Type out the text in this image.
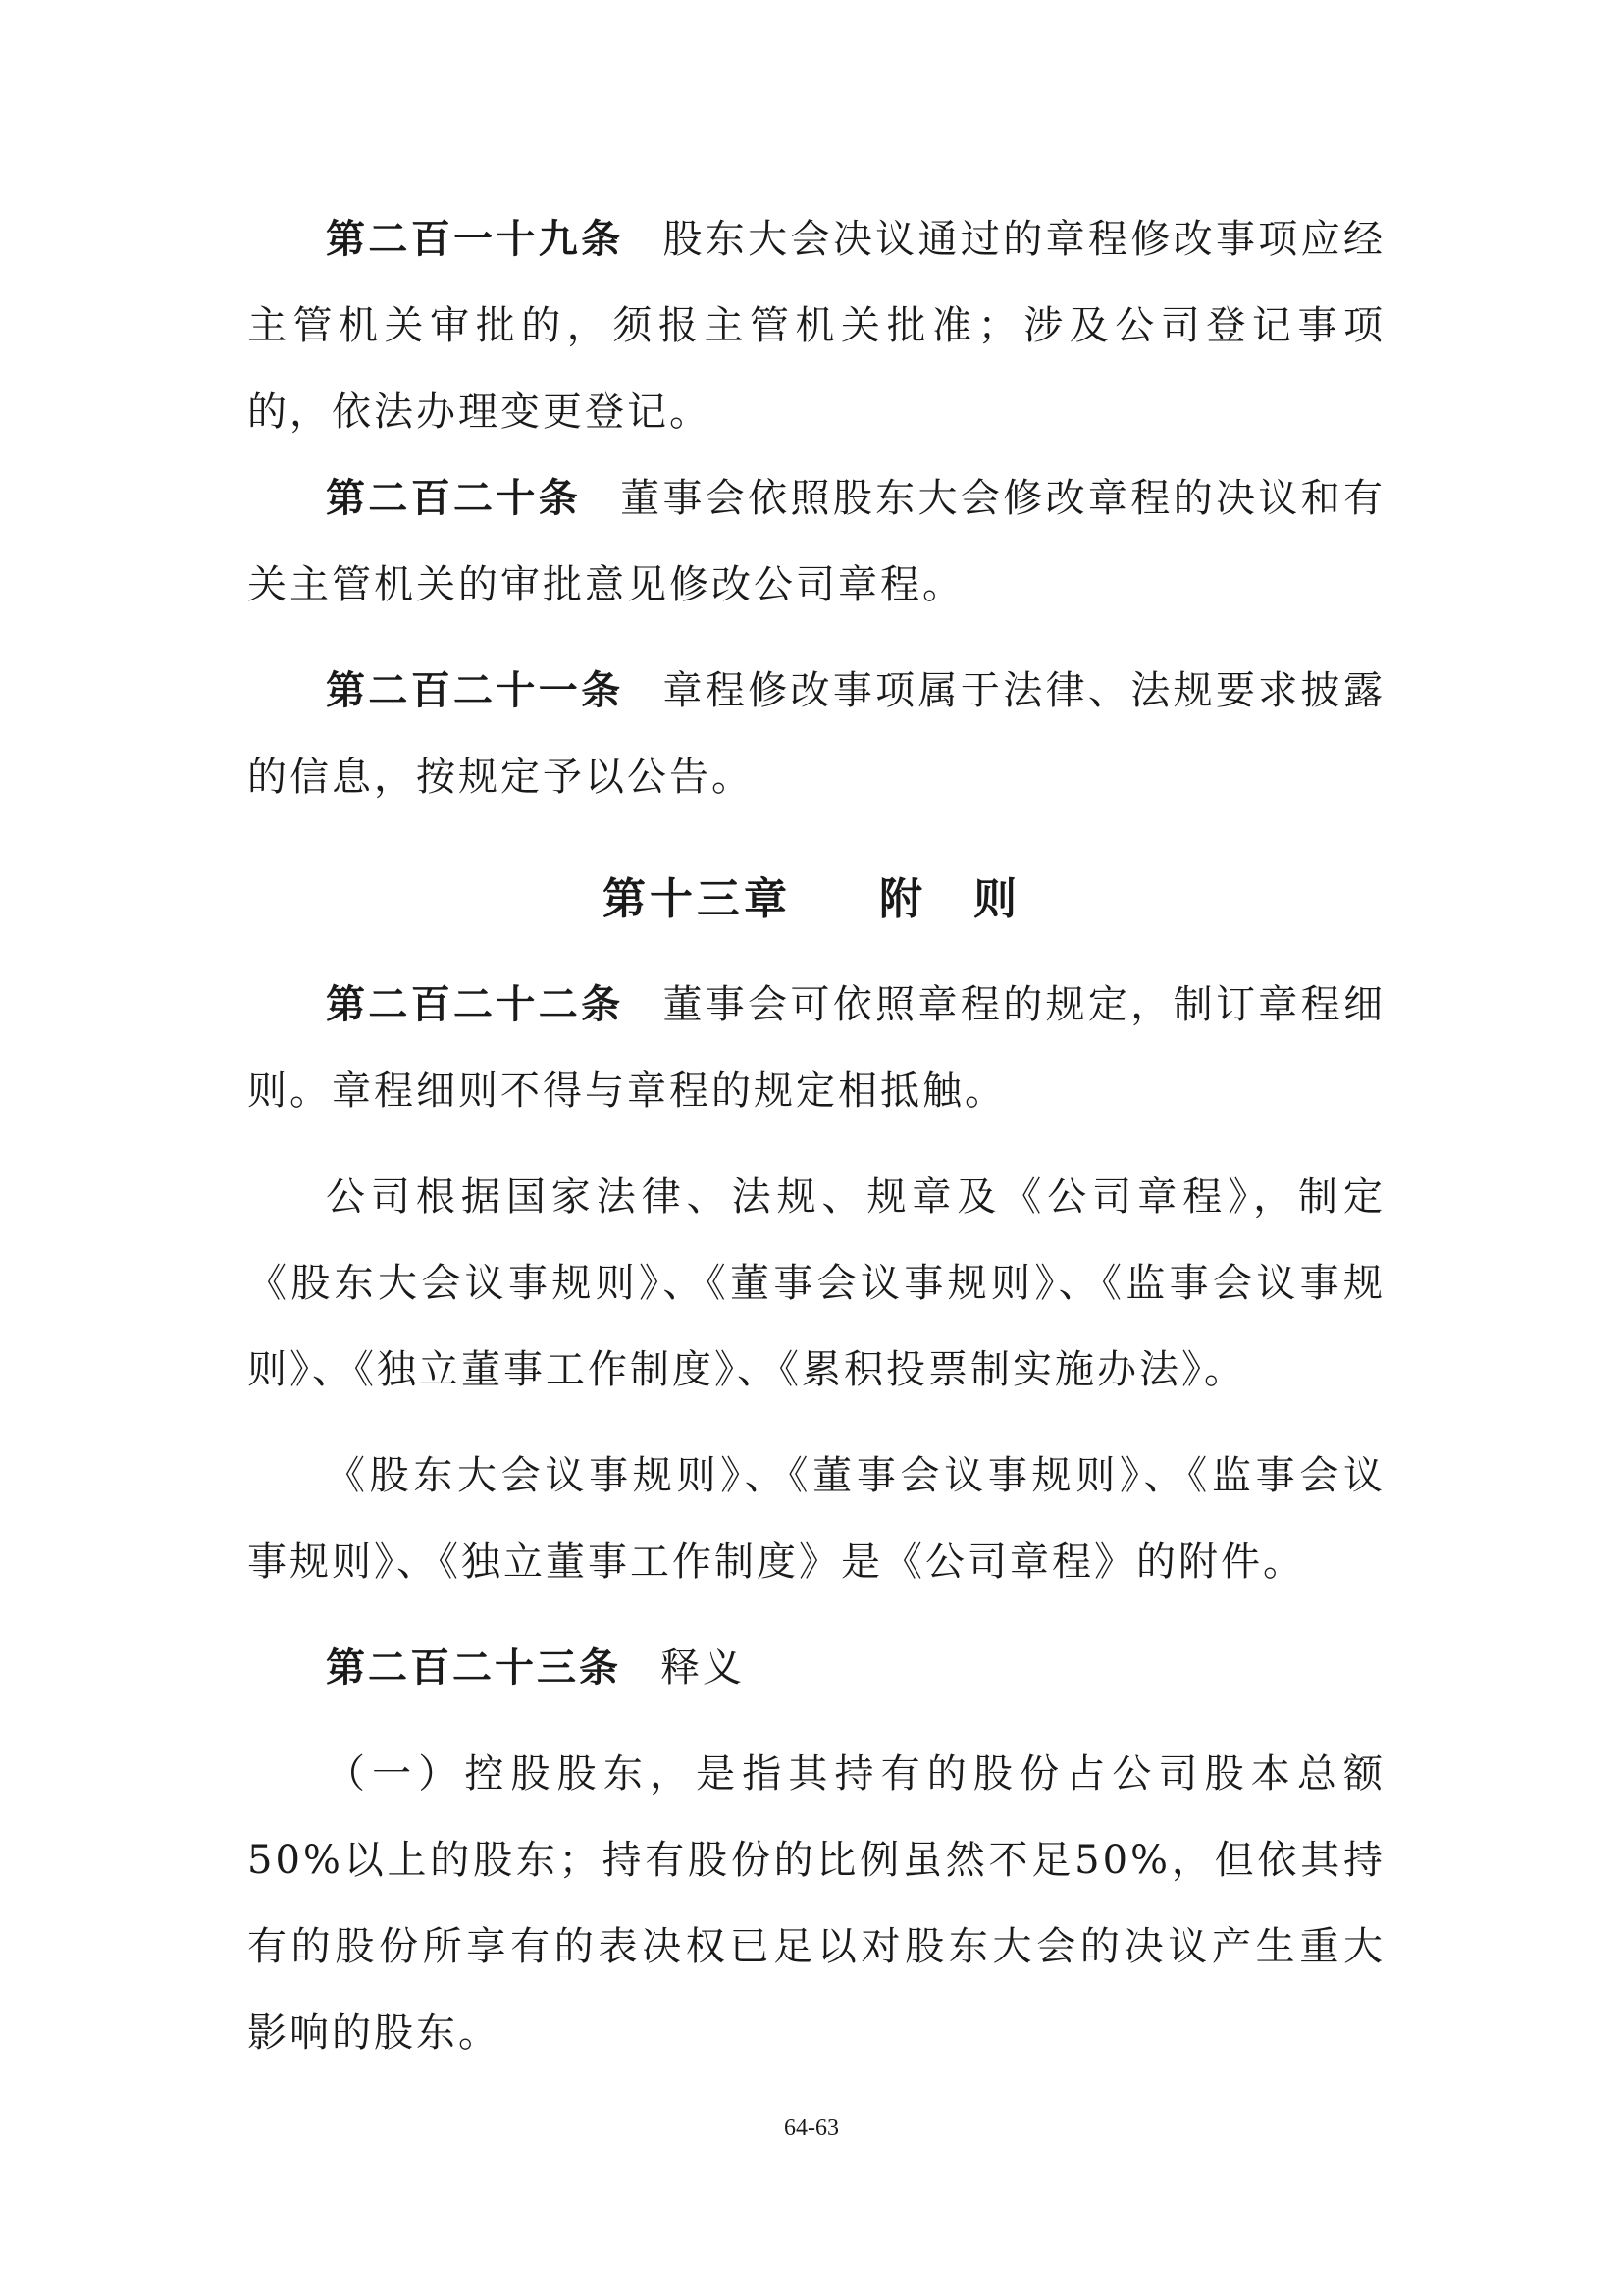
第二百一十九条 股东大会决议通过的章程修改事项应经主管机关审批的，须报主管机关批准；涉及公司登记事项的，依法办理变更登记。

第二百二十条 董事会依照股东大会修改章程的决议和有关主管机关的审批意见修改公司章程。

第二百二十一条 章程修改事项属于法律、法规要求披露的信息，按规定予以公告。

第十三章 附　则

第二百二十二条 董事会可依照章程的规定，制订章程细则。章程细则不得与章程的规定相抵触。

公司根据国家法律、法规、规章及《公司章程》，制定《股东大会议事规则》、《董事会议事规则》、《监事会议事规则》、《独立董事工作制度》、《累积投票制实施办法》。

《股东大会议事规则》、《董事会议事规则》、《监事会议事规则》、《独立董事工作制度》是《公司章程》的附件。

第二百二十三条 释义

（一）控股股东，是指其持有的股份占公司股本总额50%以上的股东；持有股份的比例虽然不足50%，但依其持有的股份所享有的表决权已足以对股东大会的决议产生重大影响的股东。

64-63
